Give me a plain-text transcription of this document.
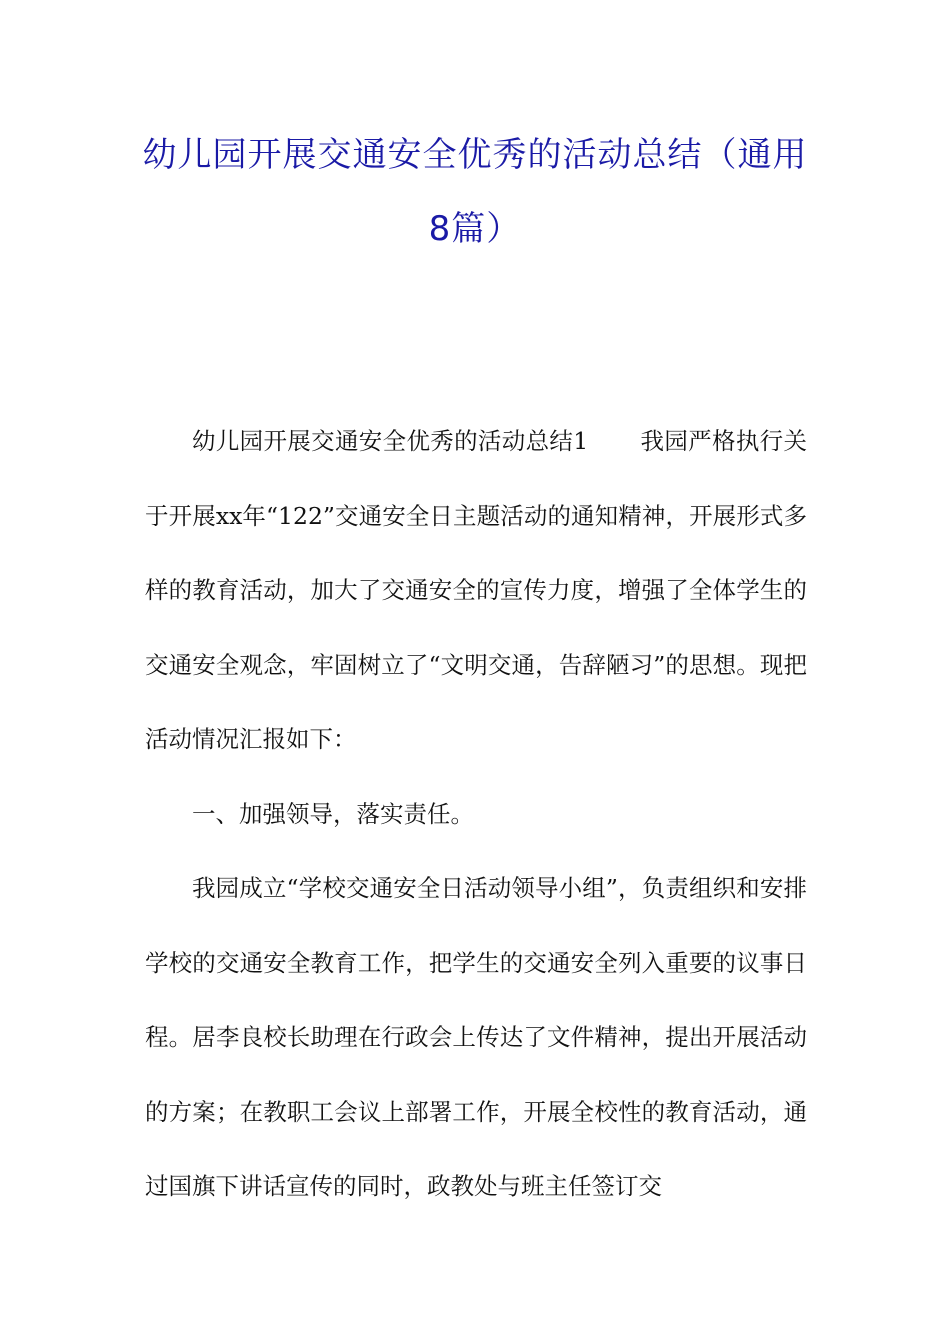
幼儿园开展交通安全优秀的活动总结（通用8篇）

幼儿园开展交通安全优秀的活动总结1 我园严格执行关于开展xx年“122”交通安全日主题活动的通知精神，开展形式多样的教育活动，加大了交通安全的宣传力度，增强了全体学生的交通安全观念，牢固树立了“文明交通，告辞陋习”的思想。现把活动情况汇报如下：

一、加强领导，落实责任。

我园成立“学校交通安全日活动领导小组”，负责组织和安排学校的交通安全教育工作，把学生的交通安全列入重要的议事日程。居李良校长助理在行政会上传达了文件精神，提出开展活动的方案；在教职工会议上部署工作，开展全校性的教育活动，通过国旗下讲话宣传的同时，政教处与班主任签订交
